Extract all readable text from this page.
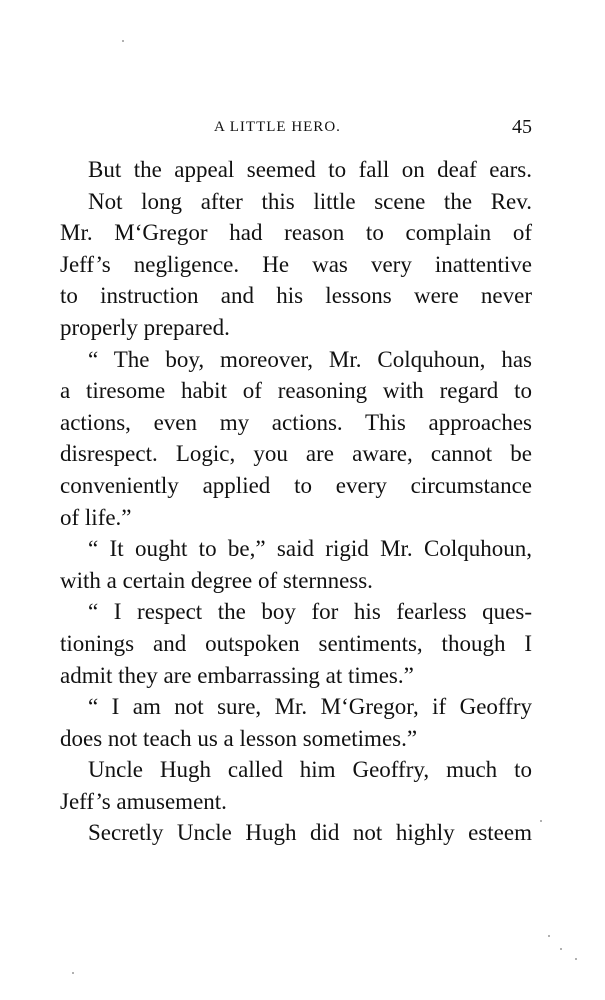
A LITTLE HERO.	45
But the appeal seemed to fall on deaf ears.
Not long after this little scene the Rev.
Mr. M‘Gregor had reason to complain of
Jeff’s negligence. He was very inattentive
to instruction and his lessons were never
properly prepared.
“ The boy, moreover, Mr. Colquhoun, has
a tiresome habit of reasoning with regard to
actions, even my actions. This approaches
disrespect. Logic, you are aware, cannot be
conveniently applied to every circumstance
of life.”
“ It ought to be,” said rigid Mr. Colquhoun,
with a certain degree of sternness.
“ I respect the boy for his fearless ques-
tionings and outspoken sentiments, though I
admit they are embarrassing at times.”
“ I am not sure, Mr. M‘Gregor, if Geoffry
does not teach us a lesson sometimes.”
Uncle Hugh called him Geoffry, much to
Jeff’s amusement.
Secretly Uncle Hugh did not highly esteem
